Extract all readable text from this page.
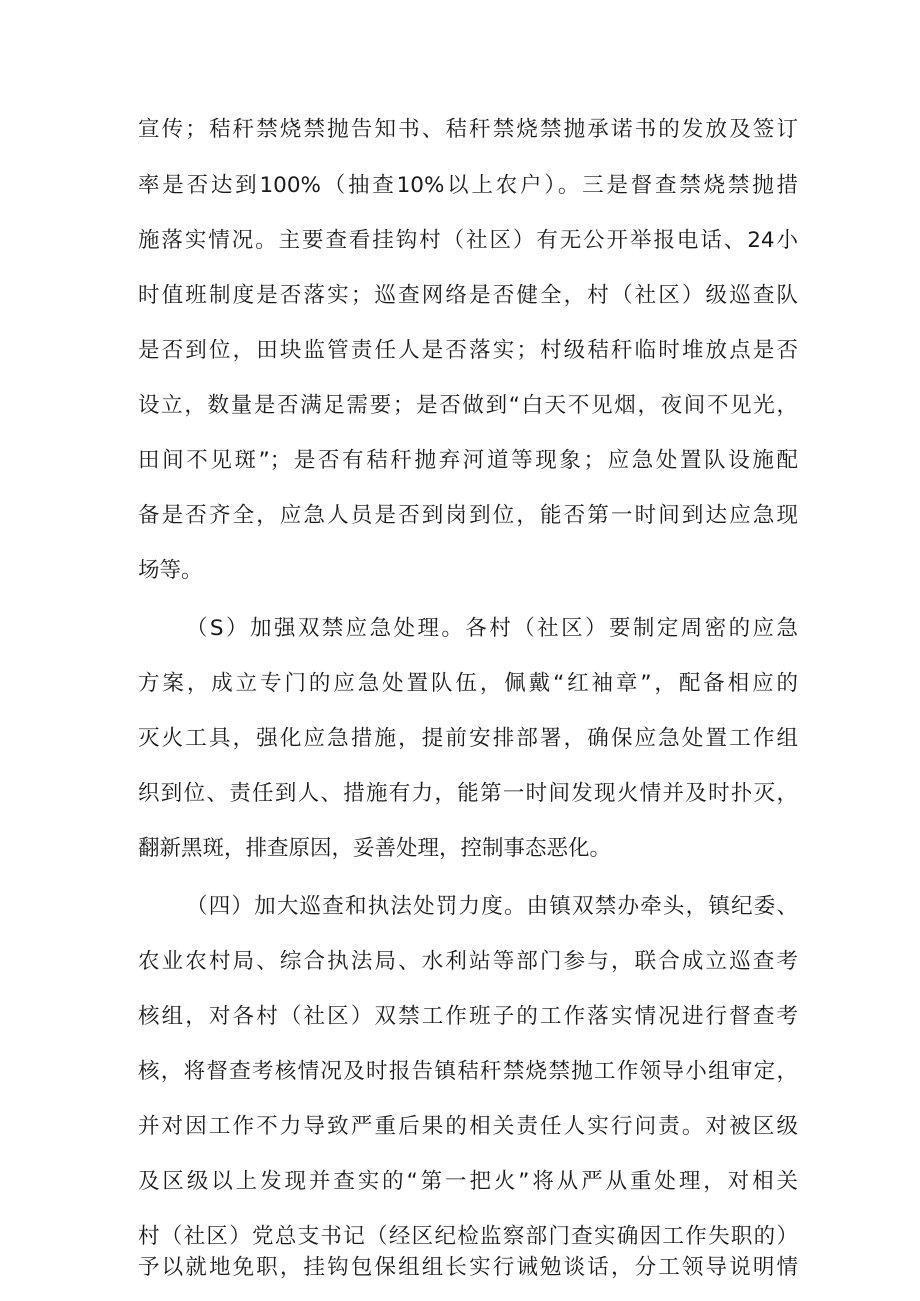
宣传；秸秆禁烧禁抛告知书、秸秆禁烧禁抛承诺书的发放及签订
率是否达到100%（抽查10%以上农户）。三是督查禁烧禁抛措
施落实情况。主要查看挂钩村（社区）有无公开举报电话、24小
时值班制度是否落实；巡查网络是否健全，村（社区）级巡查队
是否到位，田块监管责任人是否落实；村级秸秆临时堆放点是否
设立，数量是否满足需要；是否做到“白天不见烟，夜间不见光，
田间不见斑”；是否有秸秆抛弃河道等现象；应急处置队设施配
备是否齐全，应急人员是否到岗到位，能否第一时间到达应急现
场等。
（S）加强双禁应急处理。各村（社区）要制定周密的应急
方案，成立专门的应急处置队伍，佩戴“红袖章”，配备相应的
灭火工具，强化应急措施，提前安排部署，确保应急处置工作组
织到位、责任到人、措施有力，能第一时间发现火情并及时扑灭，
翻新黑斑，排查原因，妥善处理，控制事态恶化。
（四）加大巡查和执法处罚力度。由镇双禁办牵头，镇纪委、
农业农村局、综合执法局、水利站等部门参与，联合成立巡查考
核组，对各村（社区）双禁工作班子的工作落实情况进行督查考
核，将督查考核情况及时报告镇秸秆禁烧禁抛工作领导小组审定，
并对因工作不力导致严重后果的相关责任人实行问责。对被区级
及区级以上发现并查实的“第一把火”将从严从重处理，对相关
村（社区）党总支书记（经区纪检监察部门查实确因工作失职的）
予以就地免职，挂钩包保组组长实行诫勉谈话，分工领导说明情
